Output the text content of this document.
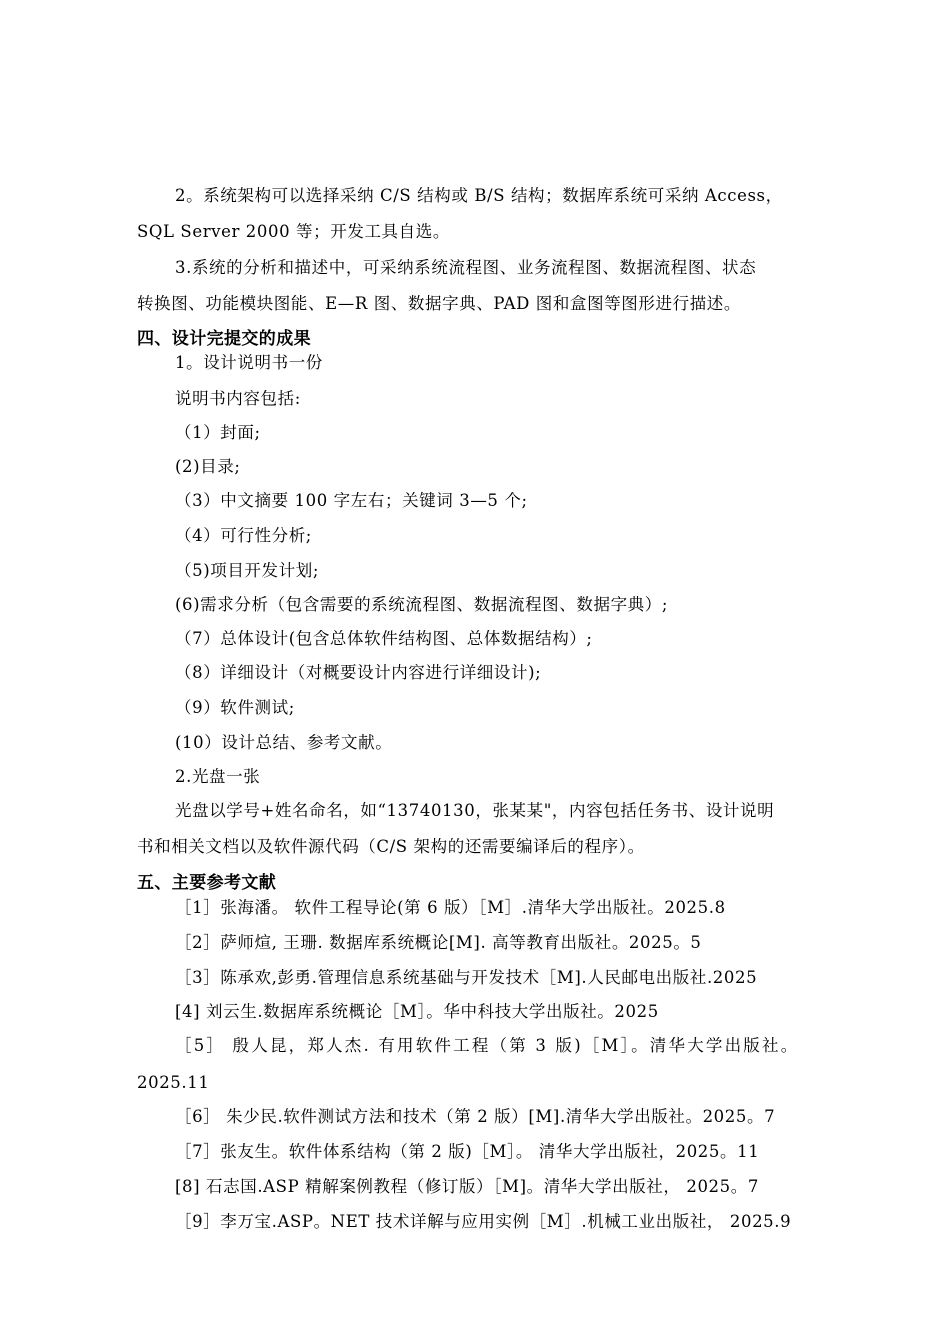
2。系统架构可以选择采纳 C/S 结构或 B/S 结构；数据库系统可采纳 Access，
SQL Server 2000 等；开发工具自选。
3.系统的分析和描述中，可采纳系统流程图、业务流程图、数据流程图、状态
转换图、功能模块图能、E—R 图、数据字典、PAD 图和盒图等图形进行描述。
四、设计完提交的成果
1。设计说明书一份
说明书内容包括:
（1）封面;
(2)目录;
（3）中文摘要 100 字左右；关键词 3—5 个;
（4）可行性分析;
（5)项目开发计划;
(6)需求分析（包含需要的系统流程图、数据流程图、数据字典）;
（7）总体设计(包含总体软件结构图、总体数据结构）;
（8）详细设计（对概要设计内容进行详细设计);
（9）软件测试;
(10）设计总结、参考文献。
2.光盘一张
光盘以学号+姓名命名，如“13740130，张某某"，内容包括任务书、设计说明
书和相关文档以及软件源代码（C/S 架构的还需要编译后的程序）。
五、主要参考文献
［1］张海潘。 软件工程导论(第 6 版）［M］.清华大学出版社。2025.8
［2］萨师煊, 王珊. 数据库系统概论[M]. 高等教育出版社。2025。5
［3］陈承欢,彭勇.管理信息系统基础与开发技术［M].人民邮电出版社.2025
[4] 刘云生.数据库系统概论［M］。华中科技大学出版社。2025
［5］ 殷人昆，郑人杰. 有用软件工程（第 3 版)［M］。清华大学出版社。
2025.11
［6］ 朱少民.软件测试方法和技术（第 2 版）[M].清华大学出版社。2025。7
［7］张友生。软件体系结构（第 2 版)［M］。 清华大学出版社，2025。11
[8] 石志国.ASP 精解案例教程（修订版）［M]。清华大学出版社， 2025。7
［9］李万宝.ASP。NET 技术详解与应用实例［M］.机械工业出版社， 2025.9
